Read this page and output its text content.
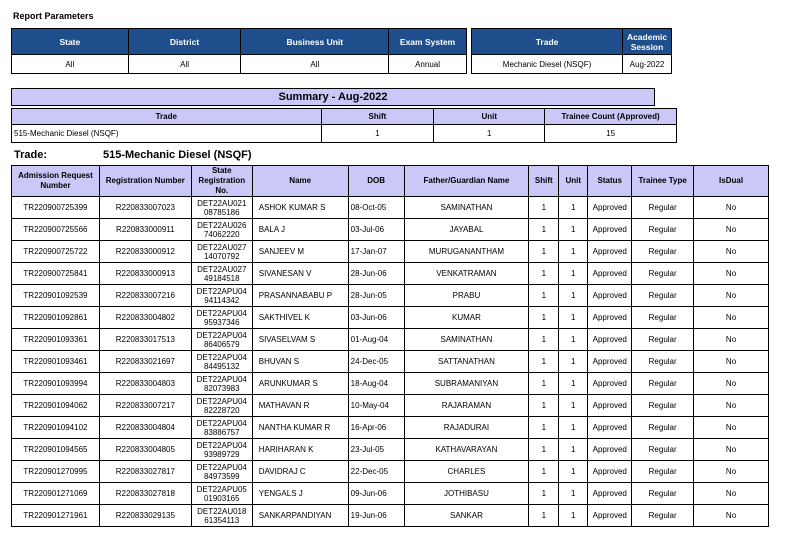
Report Parameters
State	District	Business Unit	Exam System
All	All	All	Annual
Trade	Academic Session
Mechanic Diesel (NSQF)	Aug-2022
Summary - Aug-2022
Trade	Shift	Unit	Trainee Count (Approved)
515-Mechanic Diesel (NSQF)	1	1	15
Trade:	515-Mechanic Diesel (NSQF)
Admission Request Number	Registration Number	State Registration No.	Name	DOB	Father/Guardian Name	Shift	Unit	Status	Trainee Type	IsDual
TR220900725399	R220833007023	DET22AU021
08785186	ASHOK KUMAR S	08-Oct-05	SAMINATHAN	1	1	Approved	Regular	No
TR220900725566	R220833000911	DET22AU026
74062220	BALA J	03-Jul-06	JAYABAL	1	1	Approved	Regular	No
TR220900725722	R220833000912	DET22AU027
14070792	SANJEEV M	17-Jan-07	MURUGANANTHAM	1	1	Approved	Regular	No
TR220900725841	R220833000913	DET22AU027
49184518	SIVANESAN V	28-Jun-06	VENKATRAMAN	1	1	Approved	Regular	No
TR220901092539	R220833007216	DET22APU04
94114342	PRASANNABABU P	28-Jun-05	PRABU	1	1	Approved	Regular	No
TR220901092861	R220833004802	DET22APU04
95937346	SAKTHIVEL K	03-Jun-06	KUMAR	1	1	Approved	Regular	No
TR220901093361	R220833017513	DET22APU04
86406579	SIVASELVAM S	01-Aug-04	SAMINATHAN	1	1	Approved	Regular	No
TR220901093461	R220833021697	DET22APU04
84495132	BHUVAN S	24-Dec-05	SATTANATHAN	1	1	Approved	Regular	No
TR220901093994	R220833004803	DET22APU04
82073983	ARUNKUMAR S	18-Aug-04	SUBRAMANIYAN	1	1	Approved	Regular	No
TR220901094062	R220833007217	DET22APU04
82228720	MATHAVAN R	10-May-04	RAJARAMAN	1	1	Approved	Regular	No
TR220901094102	R220833004804	DET22APU04
83886757	NANTHA KUMAR R	16-Apr-06	RAJADURAI	1	1	Approved	Regular	No
TR220901094565	R220833004805	DET22APU04
93989729	HARIHARAN K	23-Jul-05	KATHAVARAYAN	1	1	Approved	Regular	No
TR220901270995	R220833027817	DET22APU04
84973599	DAVIDRAJ C	22-Dec-05	CHARLES	1	1	Approved	Regular	No
TR220901271069	R220833027818	DET22APU05
01903165	YENGALS J	09-Jun-06	JOTHIBASU	1	1	Approved	Regular	No
TR220901271961	R220833029135	DET22AU018
61354113	SANKARPANDIYAN	19-Jun-06	SANKAR	1	1	Approved	Regular	No
